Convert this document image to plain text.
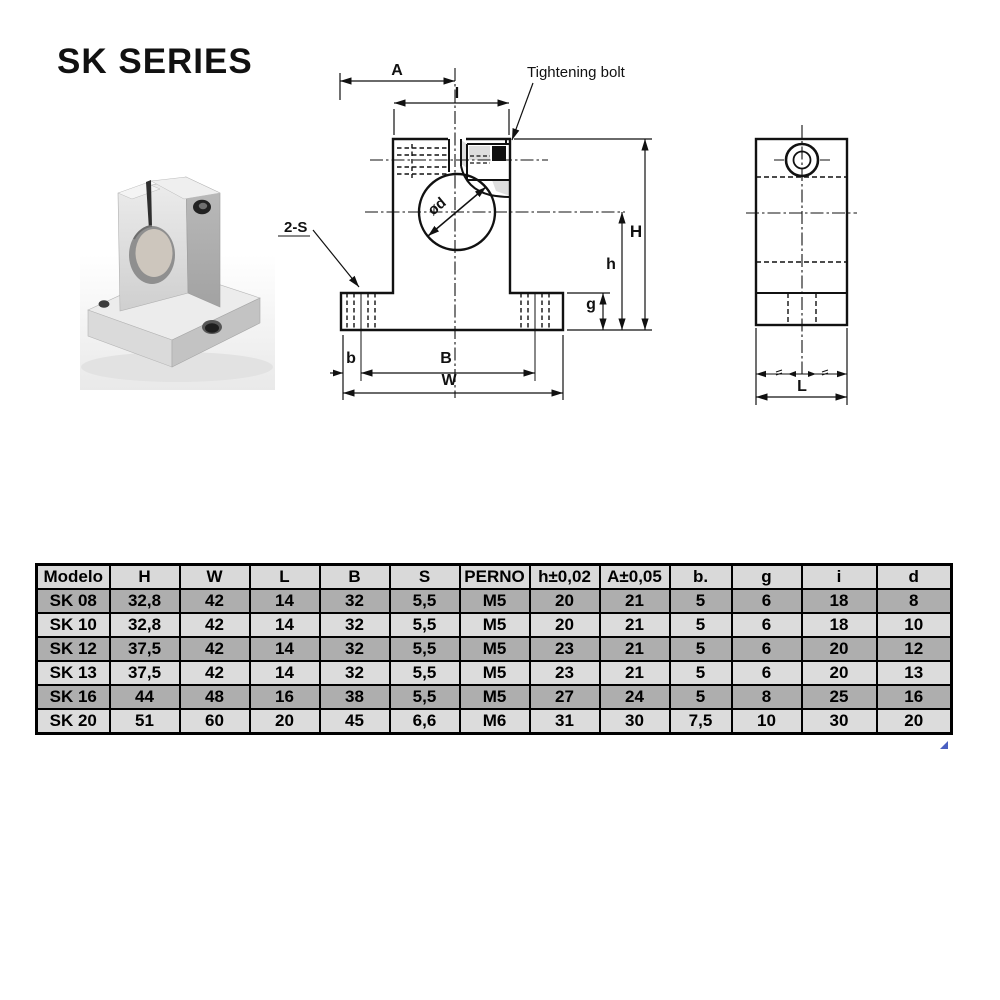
SK SERIES
ød
A
I
Tightening bolt
2-S	H
h
g
b	B
W	L
Modelo	H	W	L	B	S	PERNO	h±0,02	A±0,05	b.	g	i	d
SK 08	32,8	42	14	32	5,5	M5	20	21	5	6	18	8
SK 10	32,8	42	14	32	5,5	M5	20	21	5	6	18	10
SK 12	37,5	42	14	32	5,5	M5	23	21	5	6	20	12
SK 13	37,5	42	14	32	5,5	M5	23	21	5	6	20	13
SK 16	44	48	16	38	5,5	M5	27	24	5	8	25	16
SK 20	51	60	20	45	6,6	M6	31	30	7,5	10	30	20
